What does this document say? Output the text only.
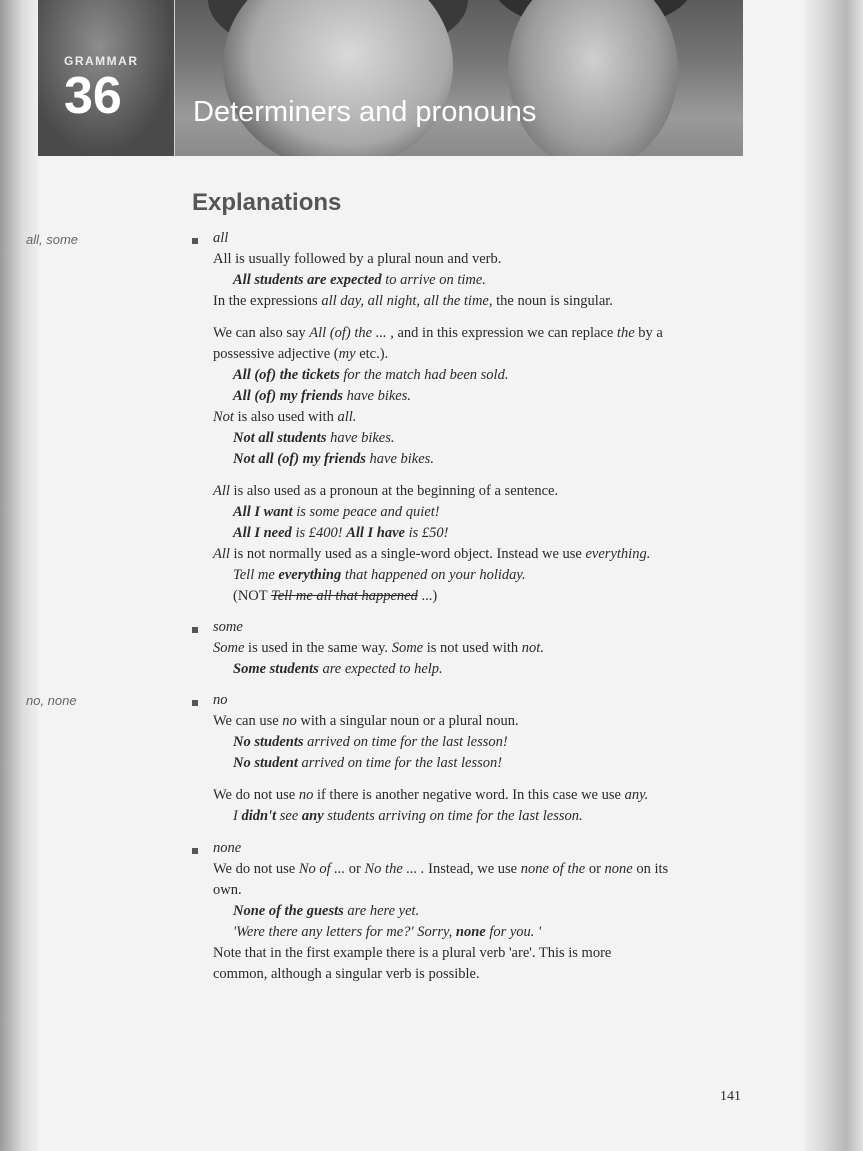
GRAMMAR
36 Determiners and pronouns
Explanations
all, some
no, none
all
All is usually followed by a plural noun and verb.
All students are expected to arrive on time.
In the expressions all day, all night, all the time, the noun is singular.
We can also say All (of) the ... , and in this expression we can replace the by a
possessive adjective (my etc.).
All (of) the tickets for the match had been sold.
All (of) my friends have bikes.
Not is also used with all.
Not all students have bikes.
Not all (of) my friends have bikes.
All is also used as a pronoun at the beginning of a sentence.
All I want is some peace and quiet!
All I need is £400! All I have is £50!
All is not normally used as a single-word object. Instead we use everything.
Tell me everything that happened on your holiday.
(NOT Tell me all that happened ...)
some
Some is used in the same way. Some is not used with not.
Some students are expected to help.
no
We can use no with a singular noun or a plural noun.
No students arrived on time for the last lesson!
No student arrived on time for the last lesson!
We do not use no if there is another negative word. In this case we use any.
I didn't see any students arriving on time for the last lesson.
none
We do not use No of ... or No the ... . Instead, we use none of the or none on its
own.
None of the guests are here yet.
'Were there any letters for me?' Sorry, none for you. '
Note that in the first example there is a plural verb 'are'. This is more
common, although a singular verb is possible.
141
